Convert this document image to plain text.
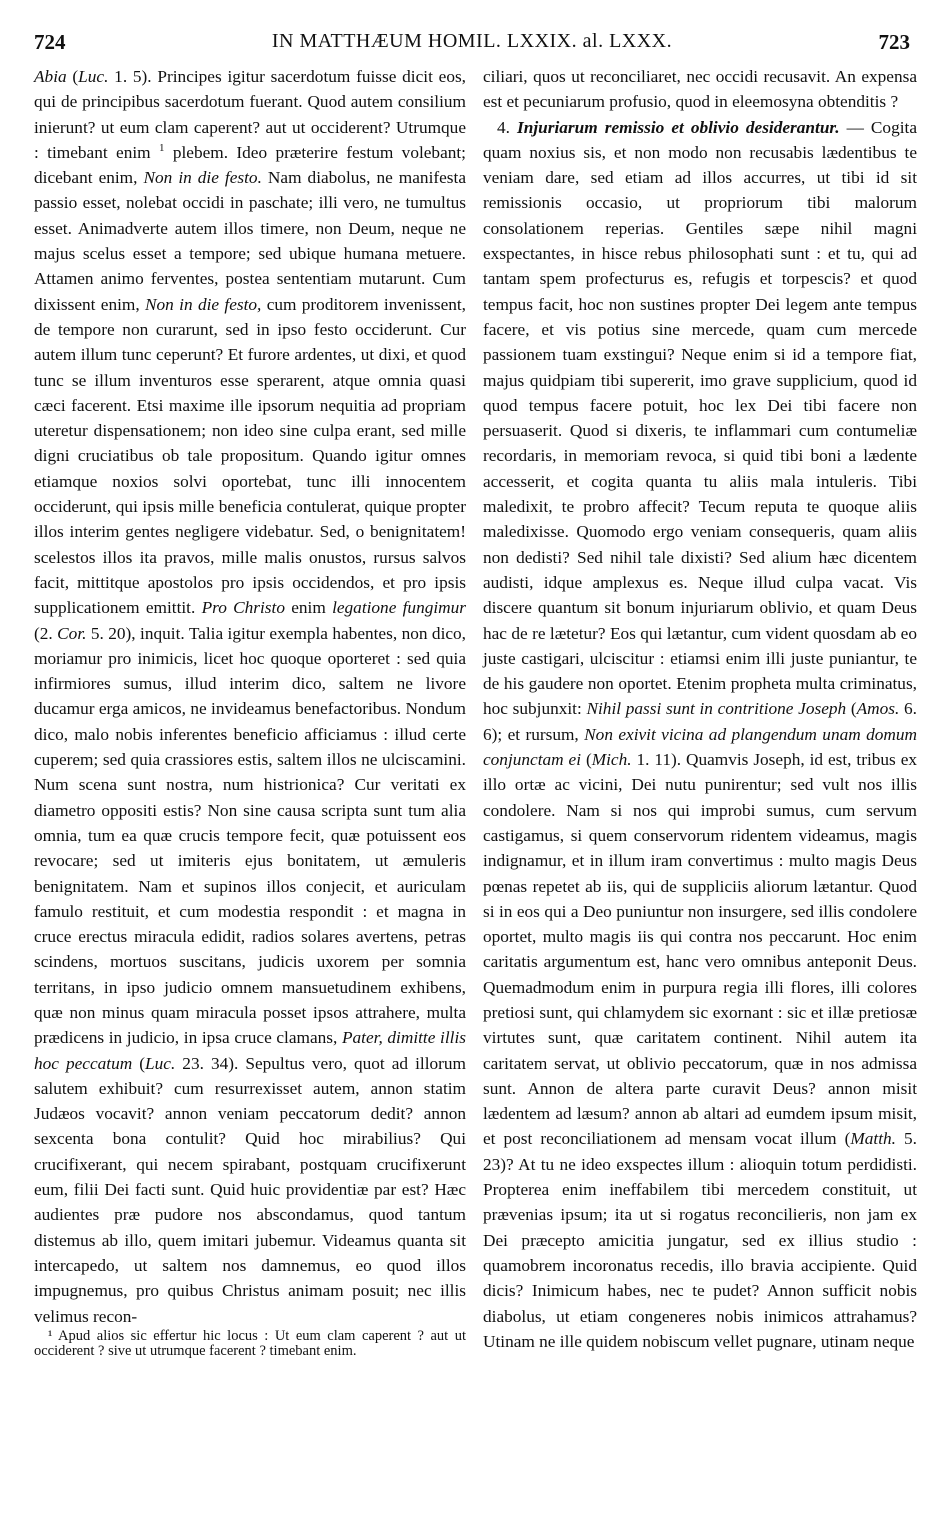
724	IN MATTHÆUM HOMIL. LXXIX. al. LXXX.	723

Abia (Luc. 1. 5). Principes igitur sacerdotum fuisse dicit eos, qui de principibus sacerdotum fuerant. Quod autem consilium inierunt? ut eum clam caperent? aut ut occiderent? Utrumque : timebant enim $^1$ plebem. Ideo præterire festum volebant; dicebant enim, Non in die festo. Nam diabolus, ne manifesta passio esset, nolebat occidi in paschate; illi vero, ne tumultus esset. Animadverte autem illos timere, non Deum, neque ne majus scelus esset a tempore; sed ubique humana metuere. Attamen animo ferventes, postea sententiam mutarunt. Cum dixissent enim, Non in die festo, cum proditorem invenissent, de tempore non curarunt, sed in ipso festo occiderunt. Cur autem illum tunc ceperunt? Et furore ardentes, ut dixi, et quod tunc se illum inventuros esse sperarent, atque omnia quasi cæci facerent. Etsi maxime ille ipsorum nequitia ad propriam uteretur dispensationem; non ideo sine culpa erant, sed mille digni cruciatibus ob tale propositum. Quando igitur omnes etiamque noxios solvi oportebat, tunc illi innocentem occiderunt, qui ipsis mille beneficia contulerat, quique propter illos interim gentes negligere videbatur. Sed, o benignitatem! scelestos illos ita pravos, mille malis onustos, rursus salvos facit, mittitque apostolos pro ipsis occidendos, et pro ipsis supplicationem emittit. Pro Christo enim legatione fungimur (2. Cor. 5. 20), inquit. Talia igitur exempla habentes, non dico, moriamur pro inimicis, licet hoc quoque oporteret : sed quia infirmiores sumus, illud interim dico, saltem ne livore ducamur erga amicos, ne invideamus benefactoribus. Nondum dico, malo nobis inferentes beneficio afficiamus : illud certe cuperem; sed quia crassiores estis, saltem illos ne ulciscamini. Num scena sunt nostra, num histrionica? Cur veritati ex diametro oppositi estis? Non sine causa scripta sunt tum alia omnia, tum ea quæ crucis tempore fecit, quæ potuissent eos revocare; sed ut imiteris ejus bonitatem, ut æmuleris benignitatem. Nam et supinos illos conjecit, et auriculam famulo restituit, et cum modestia respondit : et magna in cruce erectus miracula edidit, radios solares avertens, petras scindens, mortuos suscitans, judicis uxorem per somnia territans, in ipso judicio omnem mansuetudinem exhibens, quæ non minus quam miracula posset ipsos attrahere, multa prædicens in judicio, in ipsa cruce clamans, Pater, dimitte illis hoc peccatum (Luc. 23. 34). Sepultus vero, quot ad illorum salutem exhibuit? cum resurrexisset autem, annon statim Judæos vocavit? annon veniam peccatorum dedit? annon sexcenta bona contulit? Quid hoc mirabilius? Qui crucifixerant, qui necem spirabant, postquam crucifixerunt eum, filii Dei facti sunt. Quid huic providentiæ par est? Hæc audientes præ pudore nos abscondamus, quod tantum distemus ab illo, quem imitari jubemur. Videamus quanta sit intercapedo, ut saltem nos damnemus, eo quod illos impugnemus, pro quibus Christus animam posuit; nec illis velimus recon-

¹ Apud alios sic effertur hic locus : Ut eum clam caperent ? aut ut occiderent ? sive ut utrumque facerent ? timebant enim.

ciliari, quos ut reconciliaret, nec occidi recusavit. An expensa est et pecuniarum profusio, quod in eleemosyna obtenditis ?

4. Injuriarum remissio et oblivio desiderantur. — Cogita quam noxius sis, et non modo non recusabis lædentibus te veniam dare, sed etiam ad illos accurres, ut tibi id sit remissionis occasio, ut propriorum tibi malorum consolationem reperias. Gentiles sæpe nihil magni exspectantes, in hisce rebus philosophati sunt : et tu, qui ad tantam spem profecturus es, refugis et torpescis? et quod tempus facit, hoc non sustines propter Dei legem ante tempus facere, et vis potius sine mercede, quam cum mercede passionem tuam exstingui? Neque enim si id a tempore fiat, majus quidpiam tibi supererit, imo grave supplicium, quod id quod tempus facere potuit, hoc lex Dei tibi facere non persuaserit. Quod si dixeris, te inflammari cum contumeliæ recordaris, in memoriam revoca, si quid tibi boni a lædente accesserit, et cogita quanta tu aliis mala intuleris. Tibi maledixit, te probro affecit? Tecum reputa te quoque aliis maledixisse. Quomodo ergo veniam consequeris, quam aliis non dedisti? Sed nihil tale dixisti? Sed alium hæc dicentem audisti, idque amplexus es. Neque illud culpa vacat. Vis discere quantum sit bonum injuriarum oblivio, et quam Deus hac de re lætetur? Eos qui lætantur, cum vident quosdam ab eo juste castigari, ulciscitur : etiamsi enim illi juste puniantur, te de his gaudere non oportet. Etenim propheta multa criminatus, hoc subjunxit: Nihil passi sunt in contritione Joseph (Amos. 6. 6); et rursum, Non exivit vicina ad plangendum unam domum conjunctam ei (Mich. 1. 11). Quamvis Joseph, id est, tribus ex illo ortæ ac vicini, Dei nutu punirentur; sed vult nos illis condolere. Nam si nos qui improbi sumus, cum servum castigamus, si quem conservorum ridentem videamus, magis indignamur, et in illum iram convertimus : multo magis Deus pœnas repetet ab iis, qui de suppliciis aliorum lætantur. Quod si in eos qui a Deo puniuntur non insurgere, sed illis condolere oportet, multo magis iis qui contra nos peccarunt. Hoc enim caritatis argumentum est, hanc vero omnibus anteponit Deus. Quemadmodum enim in purpura regia illi flores, illi colores pretiosi sunt, qui chlamydem sic exornant : sic et illæ pretiosæ virtutes sunt, quæ caritatem continent. Nihil autem ita caritatem servat, ut oblivio peccatorum, quæ in nos admissa sunt. Annon de altera parte curavit Deus? annon misit lædentem ad læsum? annon ab altari ad eumdem ipsum misit, et post reconciliationem ad mensam vocat illum (Matth. 5. 23)? At tu ne ideo exspectes illum : alioquin totum perdidisti. Propterea enim ineffabilem tibi mercedem constituit, ut prævenias ipsum; ita ut si rogatus reconcilieris, non jam ex Dei præcepto amicitia jungatur, sed ex illius studio : quamobrem incoronatus recedis, illo bravia accipiente. Quid dicis? Inimicum habes, nec te pudet? Annon sufficit nobis diabolus, ut etiam congeneres nobis inimicos attrahamus? Utinam ne ille quidem nobiscum vellet pugnare, utinam neque
